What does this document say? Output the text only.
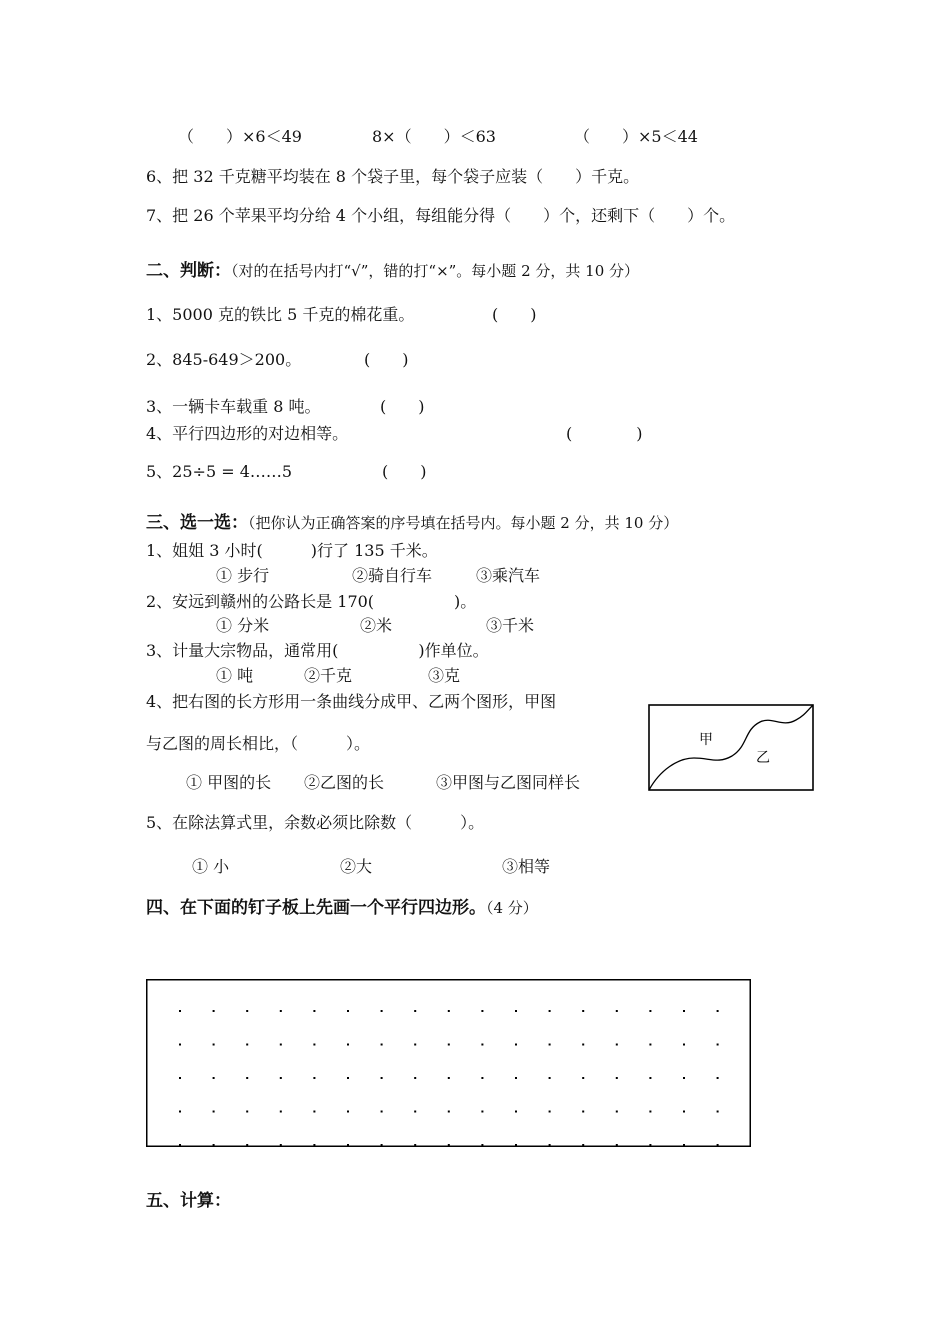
（　　）×6＜49	8×（　　）＜63	（　　）×5＜44
6、把 32 千克糖平均装在 8 个袋子里，每个袋子应装（　　）千克。
7、把 26 个苹果平均分给 4 个小组，每组能分得（　　）个，还剩下（　　）个。
二、判断：（对的在括号内打“√”，错的打“×”。每小题 2 分，共 10 分）
1、5000 克的铁比 5 千克的棉花重。	(　　)
2、845-649＞200。	(　　)
3、一辆卡车载重 8 吨。	(　　)
4、平行四边形的对边相等。	(　　　　)
5、25÷5 = 4……5	(　　)
三、选一选：（把你认为正确答案的序号填在括号内。每小题 2 分，共 10 分）
1、姐姐 3 小时(　　　)行了 135 千米。
① 步行	②骑自行车	③乘汽车
2、安远到赣州的公路长是 170(　　　　　)。
① 分米	②米	③千米
3、计量大宗物品，通常用(　　　　　)作单位。
① 吨	②千克	③克
4、把右图的长方形用一条曲线分成甲、乙两个图形，甲图
与乙图的周长相比，（　　　）。
① 甲图的长 ②乙图的长	③甲图与乙图同样长
甲
乙
5、在除法算式里，余数必须比除数（　　　）。
① 小	②大	③相等
四、在下面的钉子板上先画一个平行四边形。（4 分）
五、计算：
